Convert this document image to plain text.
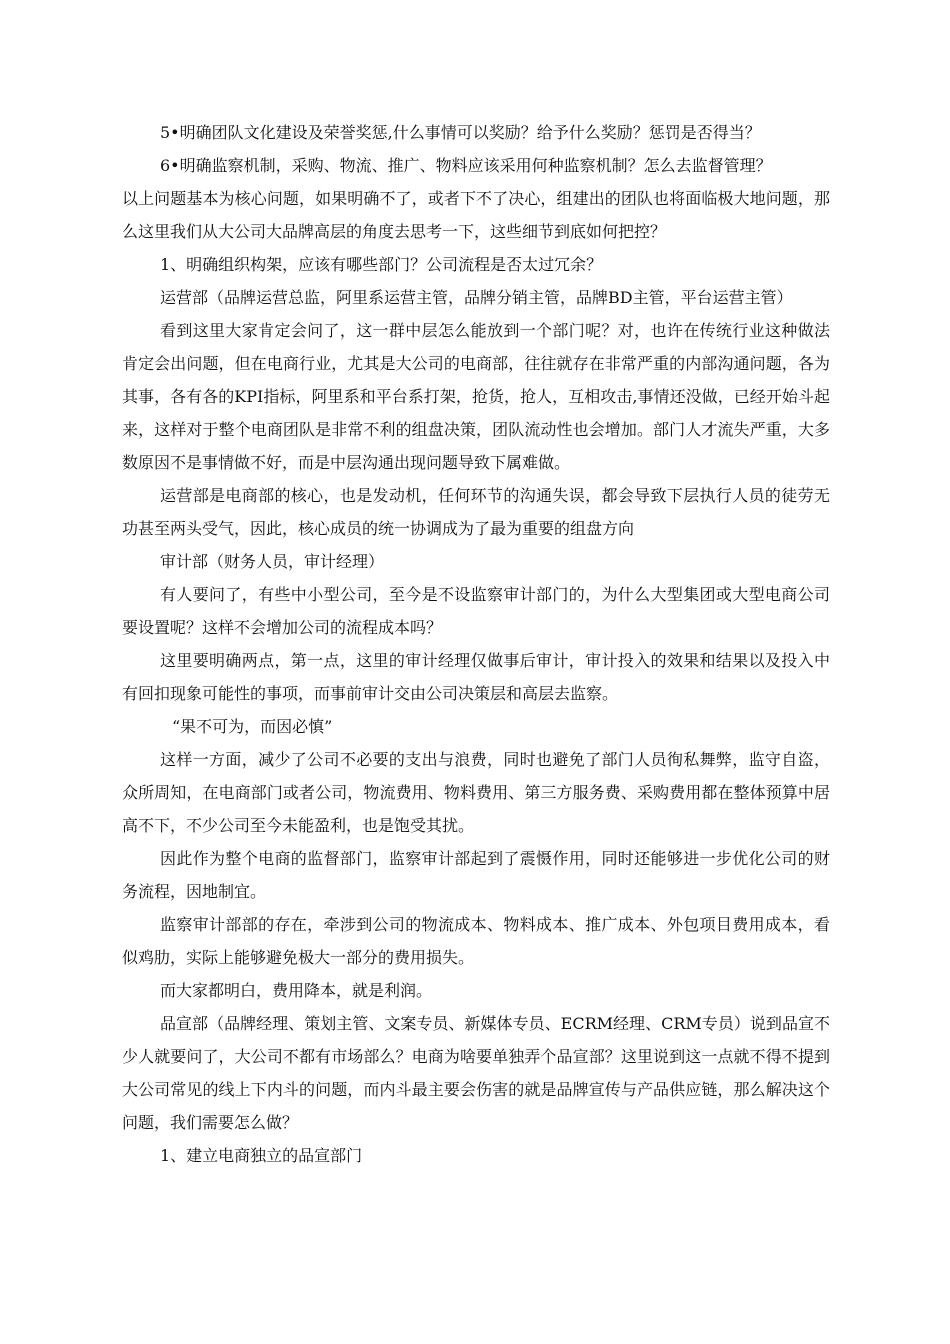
5•明确团队文化建设及荣誉奖惩,什么事情可以奖励？给予什么奖励？惩罚是否得当？

6•明确监察机制，采购、物流、推广、物料应该采用何种监察机制？怎么去监督管理？

以上问题基本为核心问题，如果明确不了，或者下不了决心，组建出的团队也将面临极大地问题，那么这里我们从大公司大品牌高层的角度去思考一下，这些细节到底如何把控？

1、明确组织构架，应该有哪些部门？公司流程是否太过冗余？

运营部（品牌运营总监，阿里系运营主管，品牌分销主管，品牌BD主管，平台运营主管）

看到这里大家肯定会问了，这一群中层怎么能放到一个部门呢？对，也许在传统行业这种做法肯定会出问题，但在电商行业，尤其是大公司的电商部，往往就存在非常严重的内部沟通问题，各为其事，各有各的KPI指标，阿里系和平台系打架，抢货，抢人，互相攻击,事情还没做，已经开始斗起来，这样对于整个电商团队是非常不利的组盘决策，团队流动性也会增加。部门人才流失严重，大多数原因不是事情做不好，而是中层沟通出现问题导致下属难做。

运营部是电商部的核心，也是发动机，任何环节的沟通失误，都会导致下层执行人员的徒劳无功甚至两头受气，因此，核心成员的统一协调成为了最为重要的组盘方向

审计部（财务人员，审计经理）

有人要问了，有些中小型公司，至今是不设监察审计部门的，为什么大型集团或大型电商公司要设置呢？这样不会增加公司的流程成本吗？

这里要明确两点，第一点，这里的审计经理仅做事后审计，审计投入的效果和结果以及投入中有回扣现象可能性的事项，而事前审计交由公司决策层和高层去监察。

“果不可为，而因必慎”

这样一方面，减少了公司不必要的支出与浪费，同时也避免了部门人员徇私舞弊，监守自盗，众所周知，在电商部门或者公司，物流费用、物料费用、第三方服务费、采购费用都在整体预算中居高不下，不少公司至今未能盈利，也是饱受其扰。

因此作为整个电商的监督部门，监察审计部起到了震慑作用，同时还能够进一步优化公司的财务流程，因地制宜。

监察审计部部的存在，牵涉到公司的物流成本、物料成本、推广成本、外包项目费用成本，看似鸡肋，实际上能够避免极大一部分的费用损失。

而大家都明白，费用降本，就是利润。

品宣部（品牌经理、策划主管、文案专员、新媒体专员、ECRM经理、CRM专员）说到品宣不少人就要问了，大公司不都有市场部么？电商为啥要单独弄个品宣部？这里说到这一点就不得不提到大公司常见的线上下内斗的问题，而内斗最主要会伤害的就是品牌宣传与产品供应链，那么解决这个问题，我们需要怎么做？

1、建立电商独立的品宣部门
